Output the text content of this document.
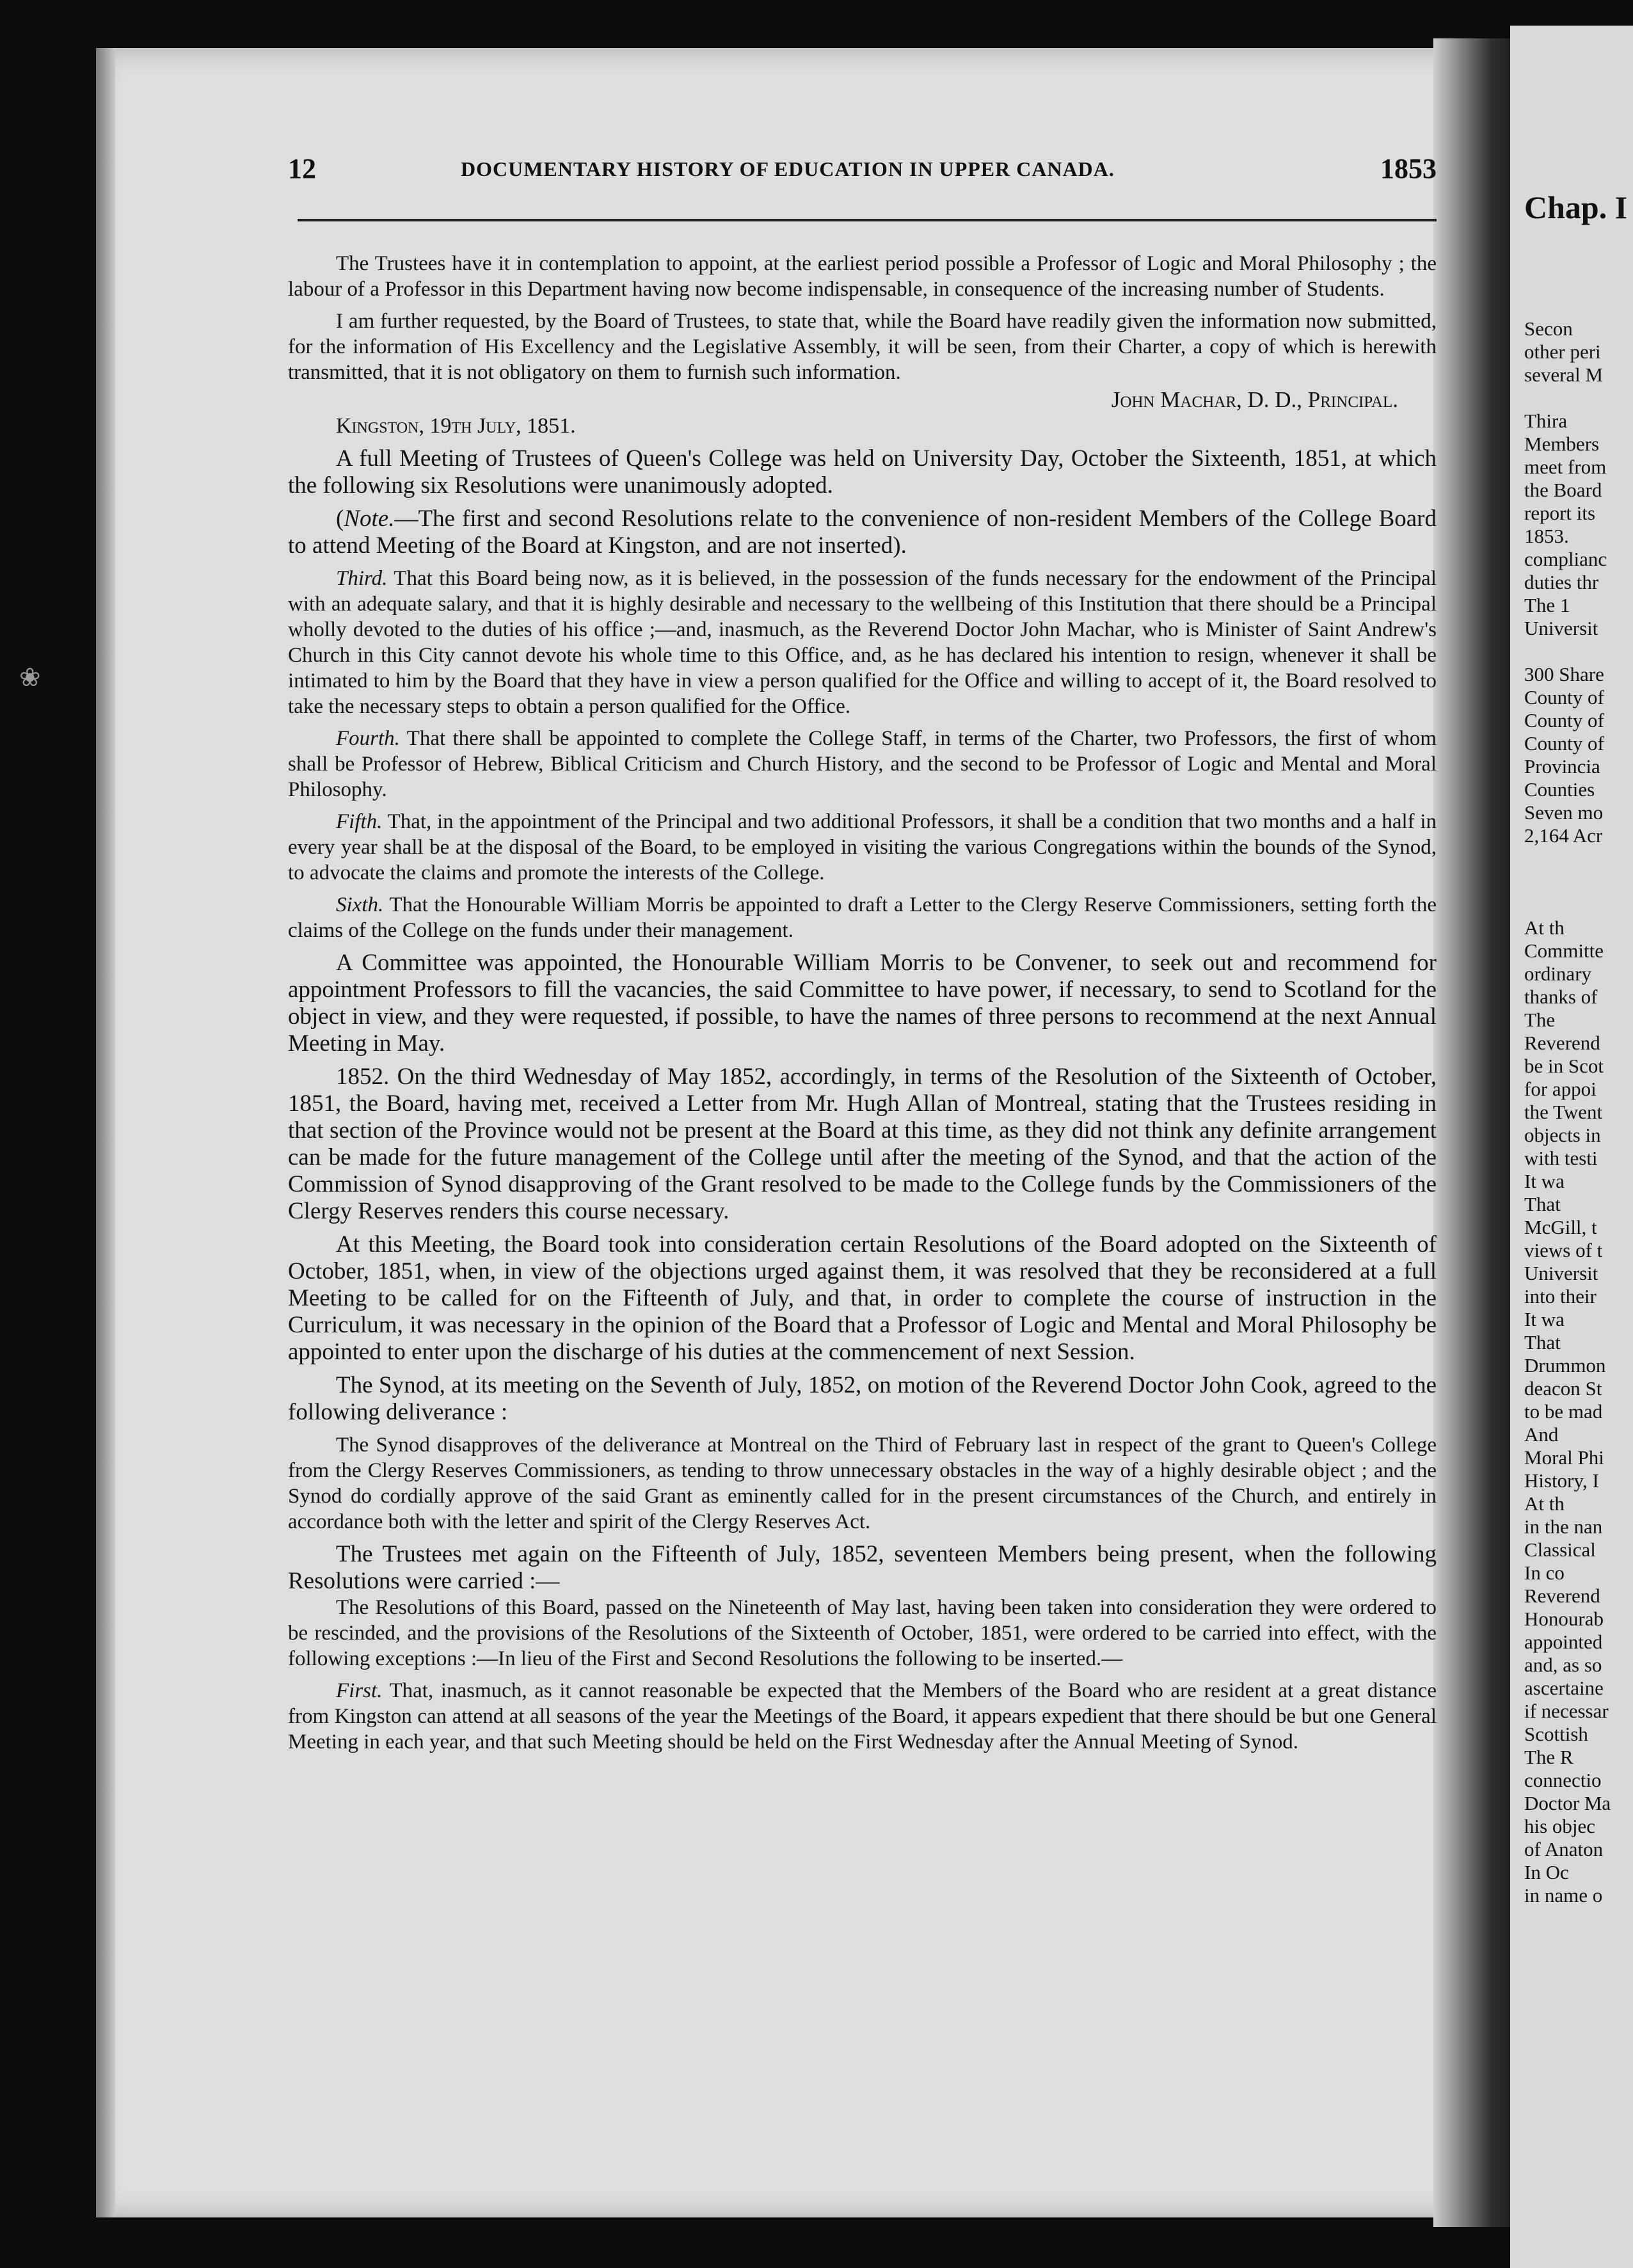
❀
12	DOCUMENTARY HISTORY OF EDUCATION IN UPPER CANADA.	1853

The Trustees have it in contemplation to appoint, at the earliest period possible a Professor of Logic and Moral Philosophy ; the labour of a Professor in this Department having now become indispensable, in consequence of the increasing number of Students.

I am further requested, by the Board of Trustees, to state that, while the Board have readily given the information now submitted, for the information of His Excellency and the Legislative Assembly, it will be seen, from their Charter, a copy of which is herewith transmitted, that it is not obligatory on them to furnish such information.

John Machar, D. D., Principal.
Kingston, 19th July, 1851.

A full Meeting of Trustees of Queen's College was held on University Day, October the Sixteenth, 1851, at which the following six Resolutions were unanimously adopted.

(Note.—The first and second Resolutions relate to the convenience of non-resident Members of the College Board to attend Meeting of the Board at Kingston, and are not inserted).

Third. That this Board being now, as it is believed, in the possession of the funds necessary for the endowment of the Principal with an adequate salary, and that it is highly desirable and necessary to the wellbeing of this Institution that there should be a Principal wholly devoted to the duties of his office ;—and, inasmuch, as the Reverend Doctor John Machar, who is Minister of Saint Andrew's Church in this City cannot devote his whole time to this Office, and, as he has declared his intention to resign, whenever it shall be intimated to him by the Board that they have in view a person qualified for the Office and willing to accept of it, the Board resolved to take the necessary steps to obtain a person qualified for the Office.

Fourth. That there shall be appointed to complete the College Staff, in terms of the Charter, two Professors, the first of whom shall be Professor of Hebrew, Biblical Criticism and Church History, and the second to be Professor of Logic and Mental and Moral Philosophy.

Fifth. That, in the appointment of the Principal and two additional Professors, it shall be a condition that two months and a half in every year shall be at the disposal of the Board, to be employed in visiting the various Congregations within the bounds of the Synod, to advocate the claims and promote the interests of the College.

Sixth. That the Honourable William Morris be appointed to draft a Letter to the Clergy Reserve Commissioners, setting forth the claims of the College on the funds under their management.

A Committee was appointed, the Honourable William Morris to be Convener, to seek out and recommend for appointment Professors to fill the vacancies, the said Committee to have power, if necessary, to send to Scotland for the object in view, and they were requested, if possible, to have the names of three persons to recommend at the next Annual Meeting in May.

1852. On the third Wednesday of May 1852, accordingly, in terms of the Resolution of the Sixteenth of October, 1851, the Board, having met, received a Letter from Mr. Hugh Allan of Montreal, stating that the Trustees residing in that section of the Province would not be present at the Board at this time, as they did not think any definite arrangement can be made for the future management of the College until after the meeting of the Synod, and that the action of the Commission of Synod disapproving of the Grant resolved to be made to the College funds by the Commissioners of the Clergy Reserves renders this course necessary.

At this Meeting, the Board took into consideration certain Resolutions of the Board adopted on the Sixteenth of October, 1851, when, in view of the objections urged against them, it was resolved that they be reconsidered at a full Meeting to be called for on the Fifteenth of July, and that, in order to complete the course of instruction in the Curriculum, it was necessary in the opinion of the Board that a Professor of Logic and Mental and Moral Philosophy be appointed to enter upon the discharge of his duties at the commencement of next Session.

The Synod, at its meeting on the Seventh of July, 1852, on motion of the Reverend Doctor John Cook, agreed to the following deliverance :

The Synod disapproves of the deliverance at Montreal on the Third of February last in respect of the grant to Queen's College from the Clergy Reserves Commissioners, as tending to throw unnecessary obstacles in the way of a highly desirable object ; and the Synod do cordially approve of the said Grant as eminently called for in the present circumstances of the Church, and entirely in accordance both with the letter and spirit of the Clergy Reserves Act.

The Trustees met again on the Fifteenth of July, 1852, seventeen Members being present, when the following Resolutions were carried :—

The Resolutions of this Board, passed on the Nineteenth of May last, having been taken into consideration they were ordered to be rescinded, and the provisions of the Resolutions of the Sixteenth of October, 1851, were ordered to be carried into effect, with the following exceptions :—In lieu of the First and Second Resolutions the following to be inserted.—

First. That, inasmuch, as it cannot reasonable be expected that the Members of the Board who are resident at a great distance from Kingston can attend at all seasons of the year the Meetings of the Board, it appears expedient that there should be but one General Meeting in each year, and that such Meeting should be held on the First Wednesday after the Annual Meeting of Synod.

Chap. I
Secon
other peri
several M
Thira
Members
meet from
the Board
report its
1853.
complianc
duties thr
The 1
Universit
300 Share
County of
County of
County of
Provincia
Counties
Seven mo
2,164 Acr
At th
Committe
ordinary
thanks of
The
Reverend
be in Scot
for appoi
the Twent
objects in
with testi
It wa
That
McGill, t
views of t
Universit
into their
It wa
That
Drummon
deacon St
to be mad
And
Moral Phi
History, I
At th
in the nan
Classical
In co
Reverend
Honourab
appointed
and, as so
ascertaine
if necessar
Scottish
The R
connectio
Doctor Ma
his objec
of Anaton
In Oc
in name o
